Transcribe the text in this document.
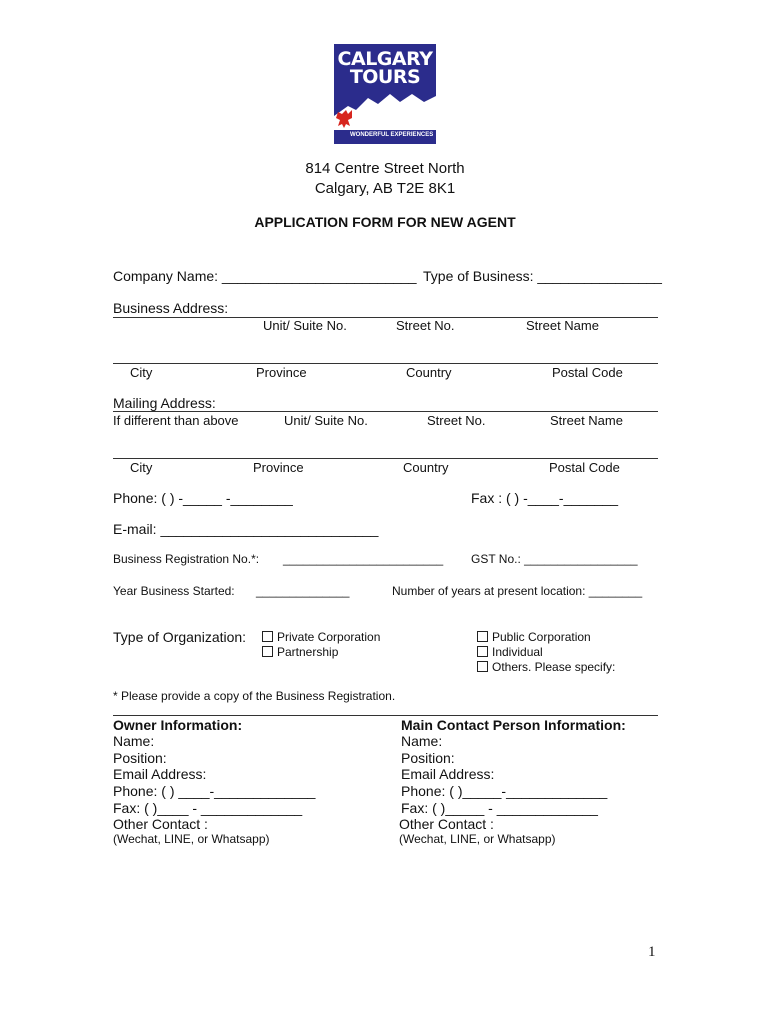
CALGARY
TOURS
WONDERFUL EXPERIENCES
814 Centre Street North
Calgary, AB T2E 8K1
APPLICATION FORM FOR NEW AGENT
Company Name: _________________________ Type of Business: ________________
Business Address:
Unit/ Suite No.	Street No.	Street Name
City	Province	Country	Postal Code
Mailing Address:
If different than above	Unit/ Suite No.	Street No.	Street Name
City	Province	Country	Postal Code
Phone: ( ) -_____ -________	Fax : ( ) -____-_______
E-mail: ____________________________
Business Registration No.*: ________________________ GST No.: _________________
Year Business Started: ______________	Number of years at present location: ________
Type of Organization:	Private Corporation
Partnership
Public Corporation
Individual
Others. Please specify:
* Please provide a copy of the Business Registration.
Owner Information:
Name:
Position:
Email Address:
Phone: ( ) ____-_____________
Fax: ( )____ - _____________
Other Contact :
(Wechat, LINE, or Whatsapp)
Main Contact Person Information:
Name:
Position:
Email Address:
Phone: ( )_____-_____________
Fax: ( )_____ - _____________
Other Contact :
(Wechat, LINE, or Whatsapp)
1
